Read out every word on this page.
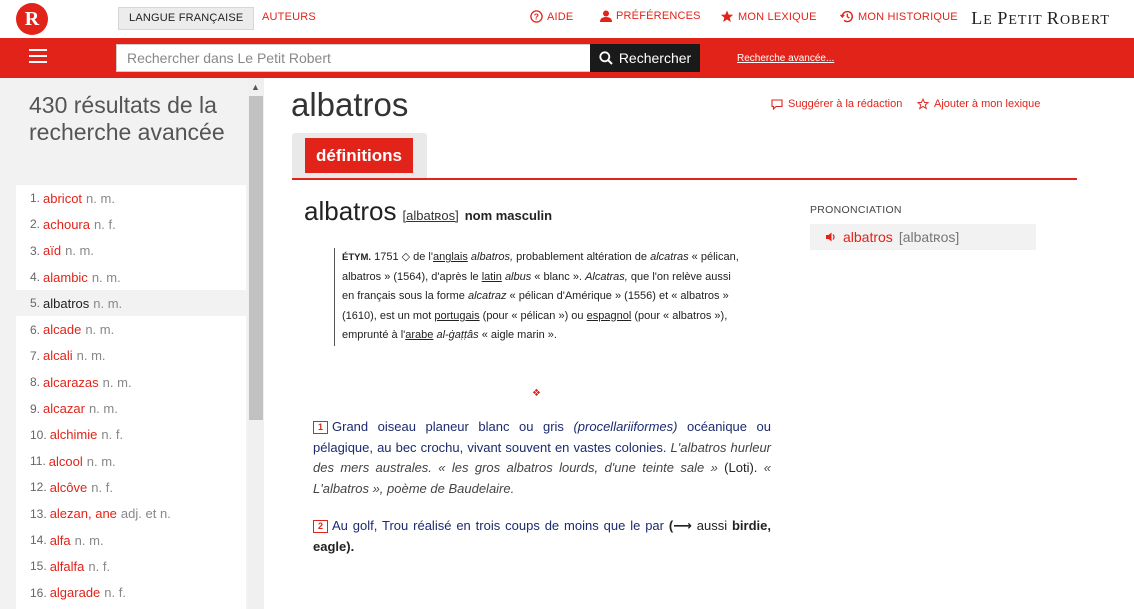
R	LANGUE FRANÇAISE	AUTEURS	? AIDE	PRÉFÉRENCES	MON LEXIQUE	MON HISTORIQUE LE PETIT ROBERT
Rechercher dans Le Petit Robert
Rechercher	Recherche avancée...
430 résultats de la recherche avancée
1. abricot n. m.
2. achoura n. f.
3. aïd n. m.
4. alambic n. m.
5. albatros n. m.
6. alcade n. m.
7. alcali n. m.
8. alcarazas n. m.
9. alcazar n. m.
10. alchimie n. f.
11. alcool n. m.
12. alcôve n. f.
13. alezan, ane adj. et n.
14. alfa n. m.
15. alfalfa n. f.
16. algarade n. f.
▲ albatros	Suggérer à la rédaction	Ajouter à mon lexique
définitions
albatros [albatʀos] nom masculin
ÉTYM. 1751 ◇ de l'anglais albatros, probablement altération de alcatras « pélican, albatros » (1564), d'après le latin albus « blanc ». Alcatras, que l'on relève aussi en français sous la forme alcatraz « pélican d'Amérique » (1556) et « albatros » (1610), est un mot portugais (pour « pélican ») ou espagnol (pour « albatros »), emprunté à l'arabe al-ġaṭṭâs « aigle marin ».
❖
1 Grand oiseau planeur blanc ou gris (procellariiformes) océanique ou pélagique, au bec crochu, vivant souvent en vastes colonies. L'albatros hurleur des mers australes. « les gros albatros lourds, d'une teinte sale » (Loti). « L'albatros », poème de Baudelaire.
2 Au golf, Trou réalisé en trois coups de moins que le par (⟶ aussi birdie, eagle).
PRONONCIATION
albatros [albatʀos]
